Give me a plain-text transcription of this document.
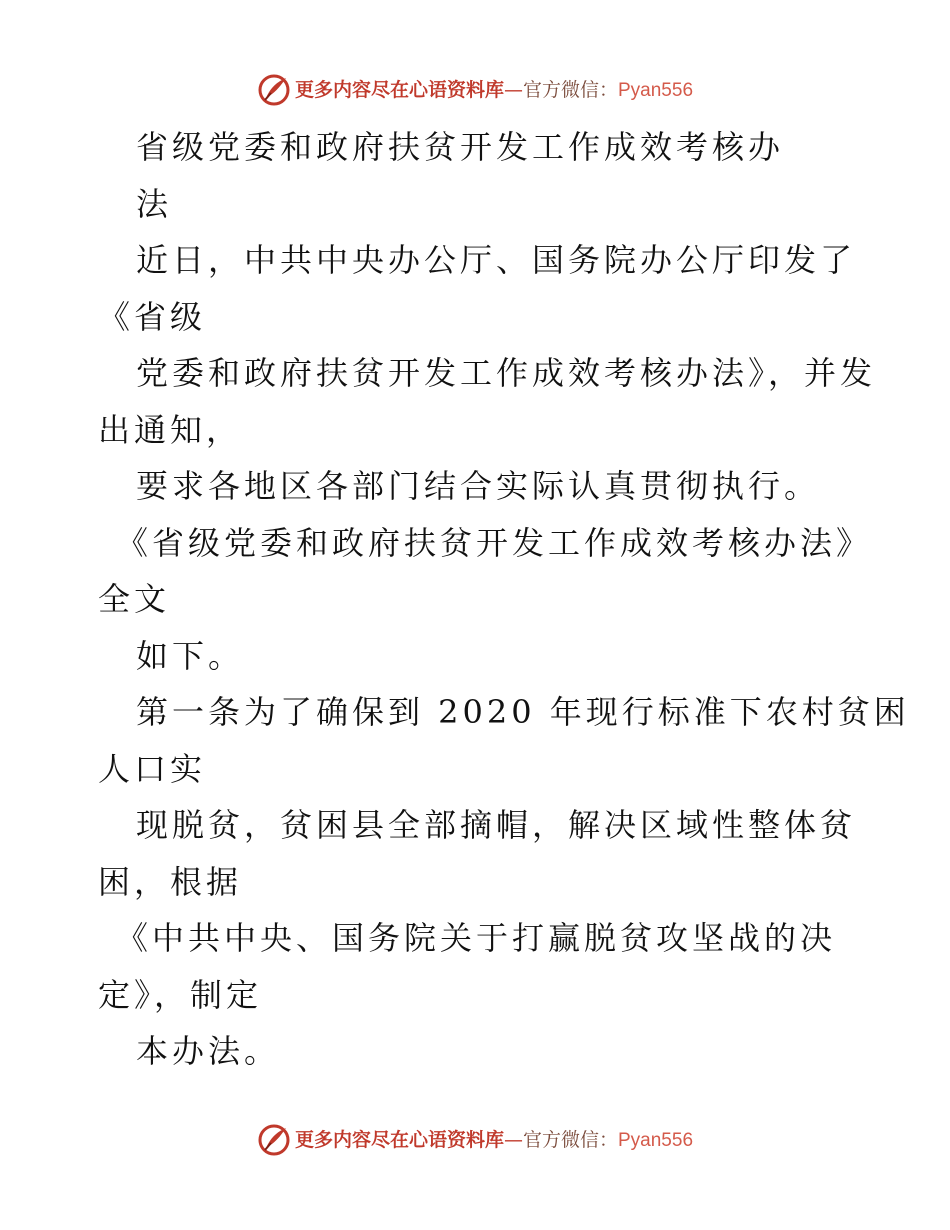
更多内容尽在心语资料库—官方微信：Pyan556
省级党委和政府扶贫开发工作成效考核办
法
近日，中共中央办公厅、国务院办公厅印发了
《省级
党委和政府扶贫开发工作成效考核办法》，并发
出通知，
要求各地区各部门结合实际认真贯彻执行。
《省级党委和政府扶贫开发工作成效考核办法》
全文
如下。
第一条为了确保到 2020 年现行标准下农村贫困
人口实
现脱贫，贫困县全部摘帽，解决区域性整体贫
困，根据
《中共中央、国务院关于打赢脱贫攻坚战的决
定》，制定
本办法。
更多内容尽在心语资料库—官方微信：Pyan556
